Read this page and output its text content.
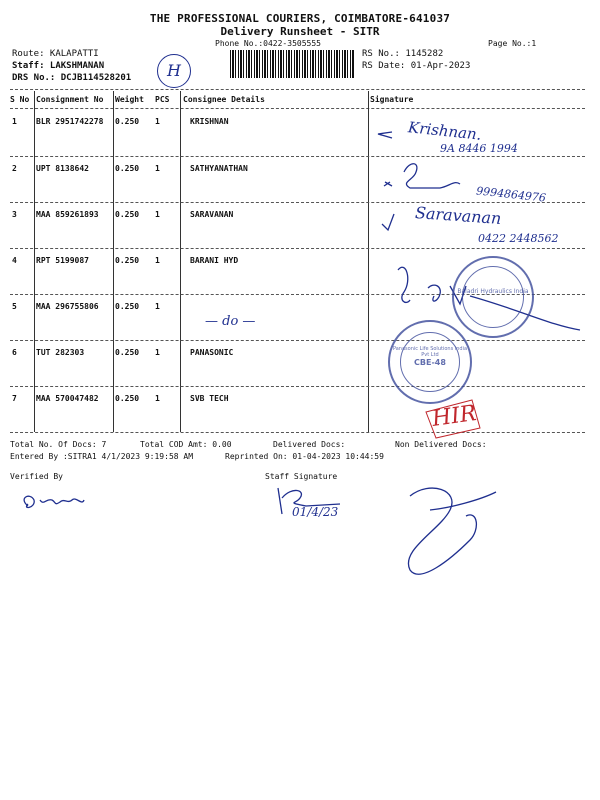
THE PROFESSIONAL COURIERS, COIMBATORE-641037
Delivery Runsheet - SITR
Phone No.:0422-3505555	Page No.:1
Route: KALAPATTI
Staff: LAKSHMANAN
DRS No.: DCJB114528201
RS No.: 1145282
RS Date: 01-Apr-2023
H
S No Consignment No Weight PCS Consignee Details	Signature
1 BLR 2951742278 0.250 1	KRISHNAN
2 UPT 8138642	0.250 1	SATHYANATHAN
3 MAA 859261893 0.250 1	SARAVANAN
4 RPT 5199087	0.250 1	BARANI HYD
5 MAA 296755806 0.250 1
— do —
6 TUT 282303	0.250 1	PANASONIC
7 MAA 570047482 0.250 1	SVB TECH
Krishnan.
9A 8446 1994
9994864976
Saravanan
0422 2448562
Baladri Hydraulics India
Panasonic Life Solutions India Pvt Ltd
CBE-48
HIR
Total No. Of Docs: 7	Total COD Amt: 0.00	Delivered Docs:	Non Delivered Docs:
Entered By :SITRA1 4/1/2023 9:19:58 AM	Reprinted On: 01-04-2023 10:44:59
Verified By	Staff Signature
01/4/23
